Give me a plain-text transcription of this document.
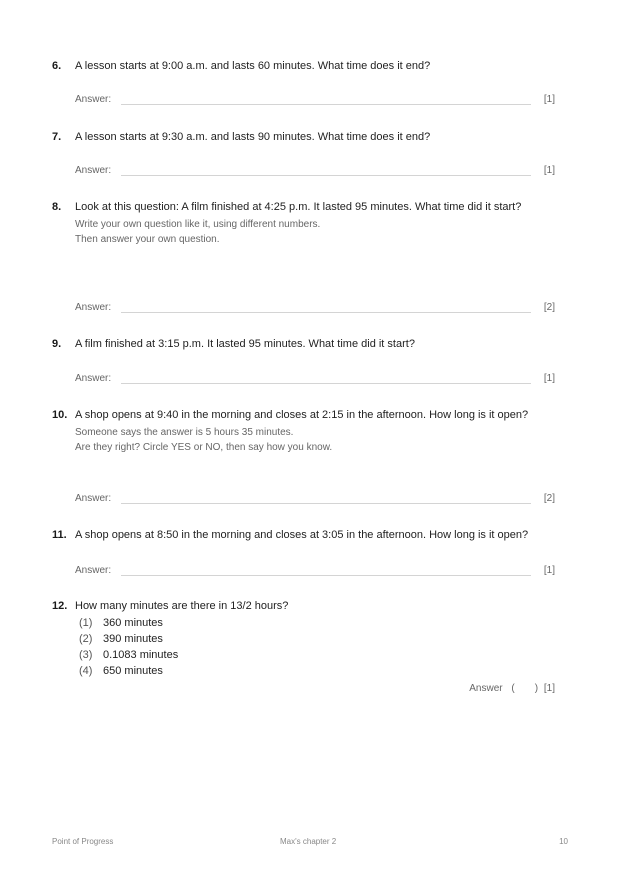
6.	A lesson starts at 9:00 a.m. and lasts 60 minutes. What time does it end?
Answer:	[1]
7.	A lesson starts at 9:30 a.m. and lasts 90 minutes. What time does it end?
Answer:	[1]
8.	Look at this question: A film finished at 4:25 p.m. It lasted 95 minutes. What time did it start?
Write your own question like it, using different numbers.
Then answer your own question.
Answer:	[2]
9.	A film finished at 3:15 p.m. It lasted 95 minutes. What time did it start?
Answer:	[1]
10. A shop opens at 9:40 in the morning and closes at 2:15 in the afternoon. How long is it open?
Someone says the answer is 5 hours 35 minutes.
Are they right? Circle YES or NO, then say how you know.
Answer:	[2]
11. A shop opens at 8:50 in the morning and closes at 3:05 in the afternoon. How long is it open?
Answer:	[1]
12. How many minutes are there in 13/2 hours?
(1) 360 minutes
(2) 390 minutes
(3) 0.1083 minutes
(4) 650 minutes
Answer ( ) [1]
Point of Progress	Max's chapter 2	10
